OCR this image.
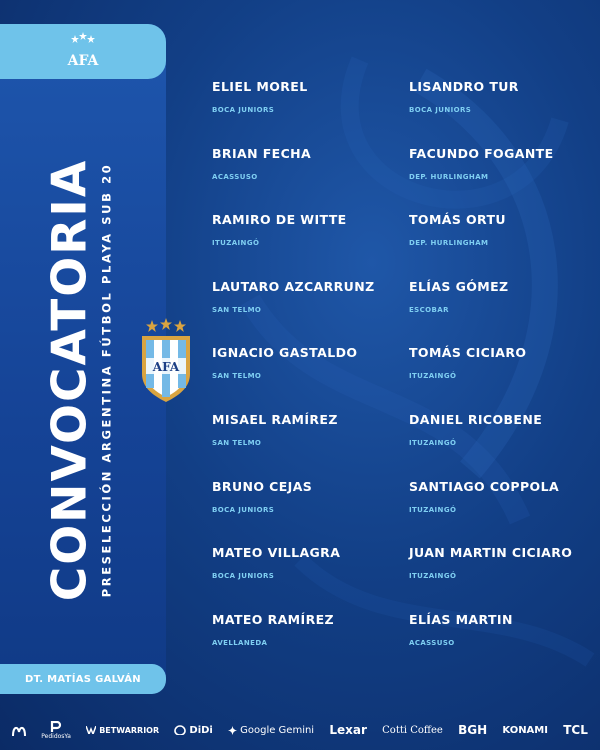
AFA
CONVOCATORIA PRESELECCIÓN ARGENTINA FÚTBOL PLAYA SUB 20	AFA
ELIEL MOREL
BOCA JUNIORS
BRIAN FECHA
ACASSUSO
RAMIRO DE WITTE
ITUZAINGÓ
LAUTARO AZCARRUNZ
SAN TELMO
IGNACIO GASTALDO
SAN TELMO
MISAEL RAMÍREZ
SAN TELMO
BRUNO CEJAS
BOCA JUNIORS
MATEO VILLAGRA
BOCA JUNIORS
MATEO RAMÍREZ
AVELLANEDA
LISANDRO TUR
BOCA JUNIORS
FACUNDO FOGANTE
DEP. HURLINGHAM
TOMÁS ORTU
DEP. HURLINGHAM
ELÍAS GÓMEZ
ESCOBAR
TOMÁS CICIARO
ITUZAINGÓ
DANIEL RICOBENE
ITUZAINGÓ
SANTIAGO COPPOLA
ITUZAINGÓ
JUAN MARTIN CICIARO
ITUZAINGÓ
ELÍAS MARTIN
ACASSUSO
DT. MATÍAS GALVÁN
PedidosYa
BETWARRIOR	DiDi	Google Gemini Lexar Cotti Coffee BGH KONAMI TCL
